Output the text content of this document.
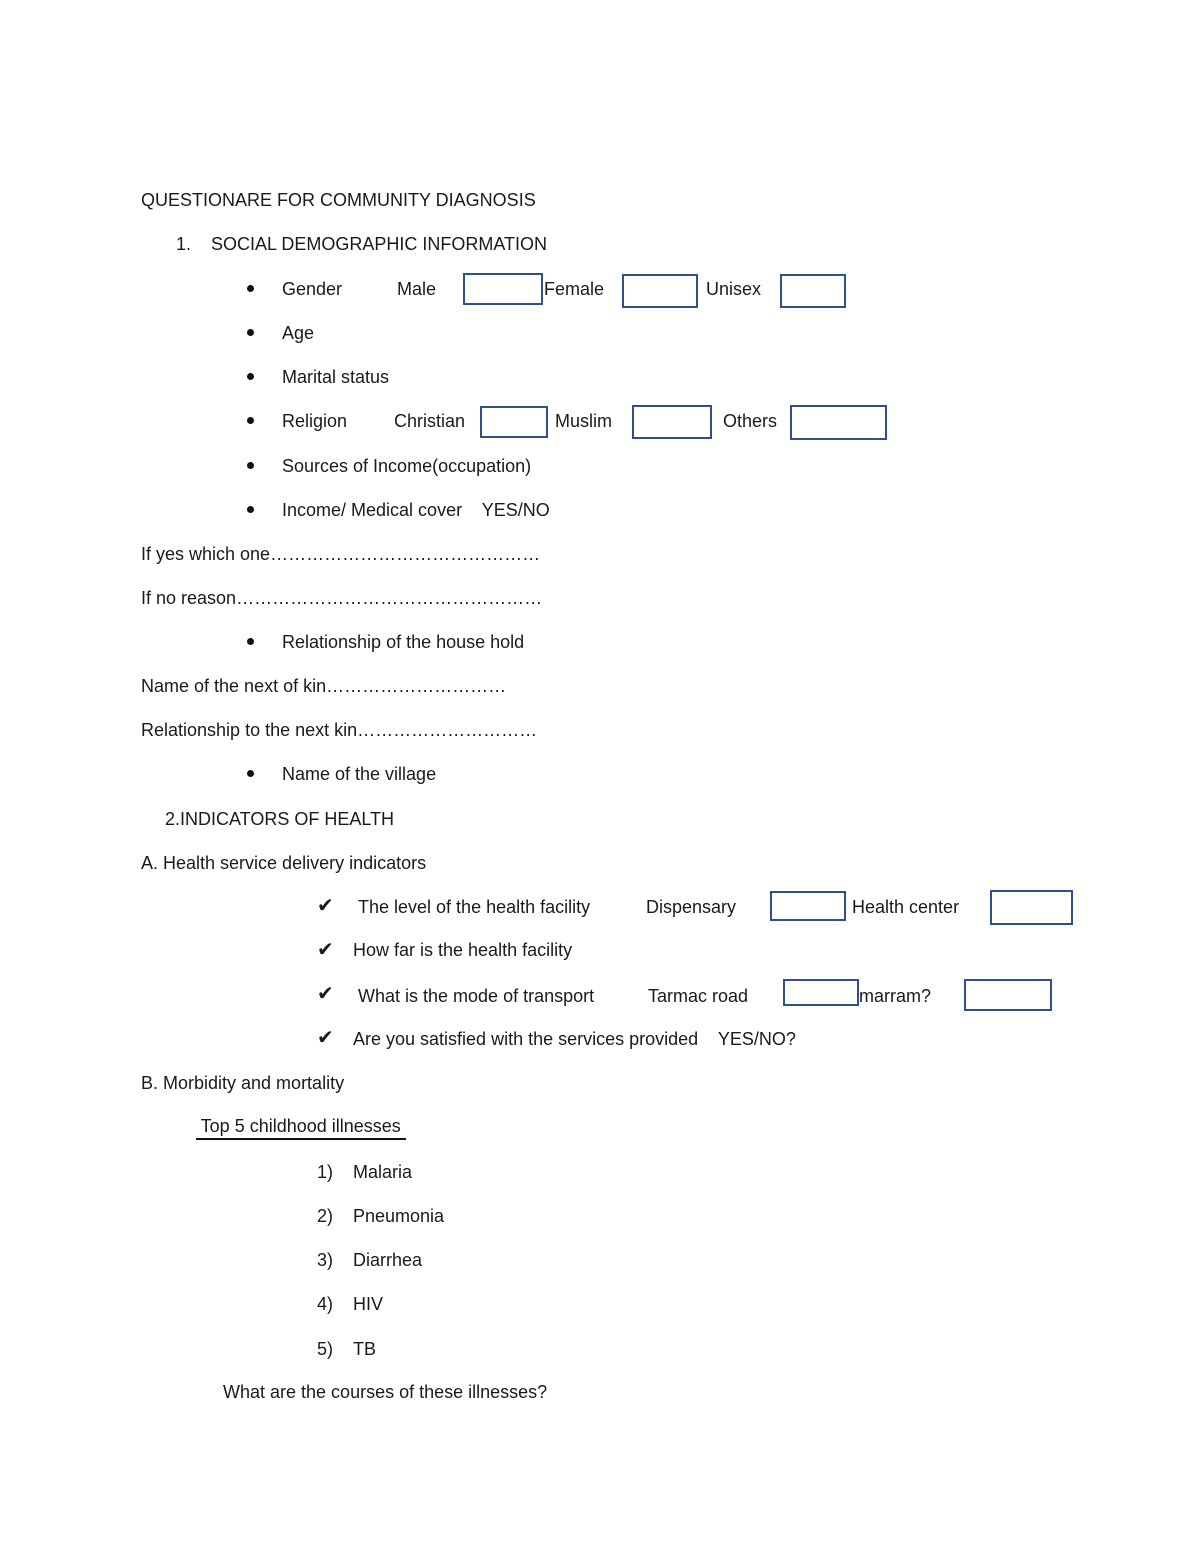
QUESTIONARE FOR COMMUNITY DIAGNOSIS
1. SOCIAL DEMOGRAPHIC INFORMATION
Gender	Male	Female	Unisex
Age
Marital status
Religion	Christian	Muslim	Others
Sources of Income(occupation)
Income/ Medical cover    YES/NO
If yes which one………………………………………
If no reason……………………………………………
Relationship of the house hold
Name of the next of kin…………………………
Relationship to the next kin…………………………
Name of the village
2.INDICATORS OF HEALTH
A. Health service delivery indicators
✔ The level of the health facility	Dispensary	Health center
✔ How far is the health facility
✔ What is the mode of transport	Tarmac road	marram?
✔ Are you satisfied with the services provided    YES/NO?
B. Morbidity and mortality
Top 5 childhood illnesses
1) Malaria
2) Pneumonia
3) Diarrhea
4) HIV
5) TB
What are the courses of these illnesses?
